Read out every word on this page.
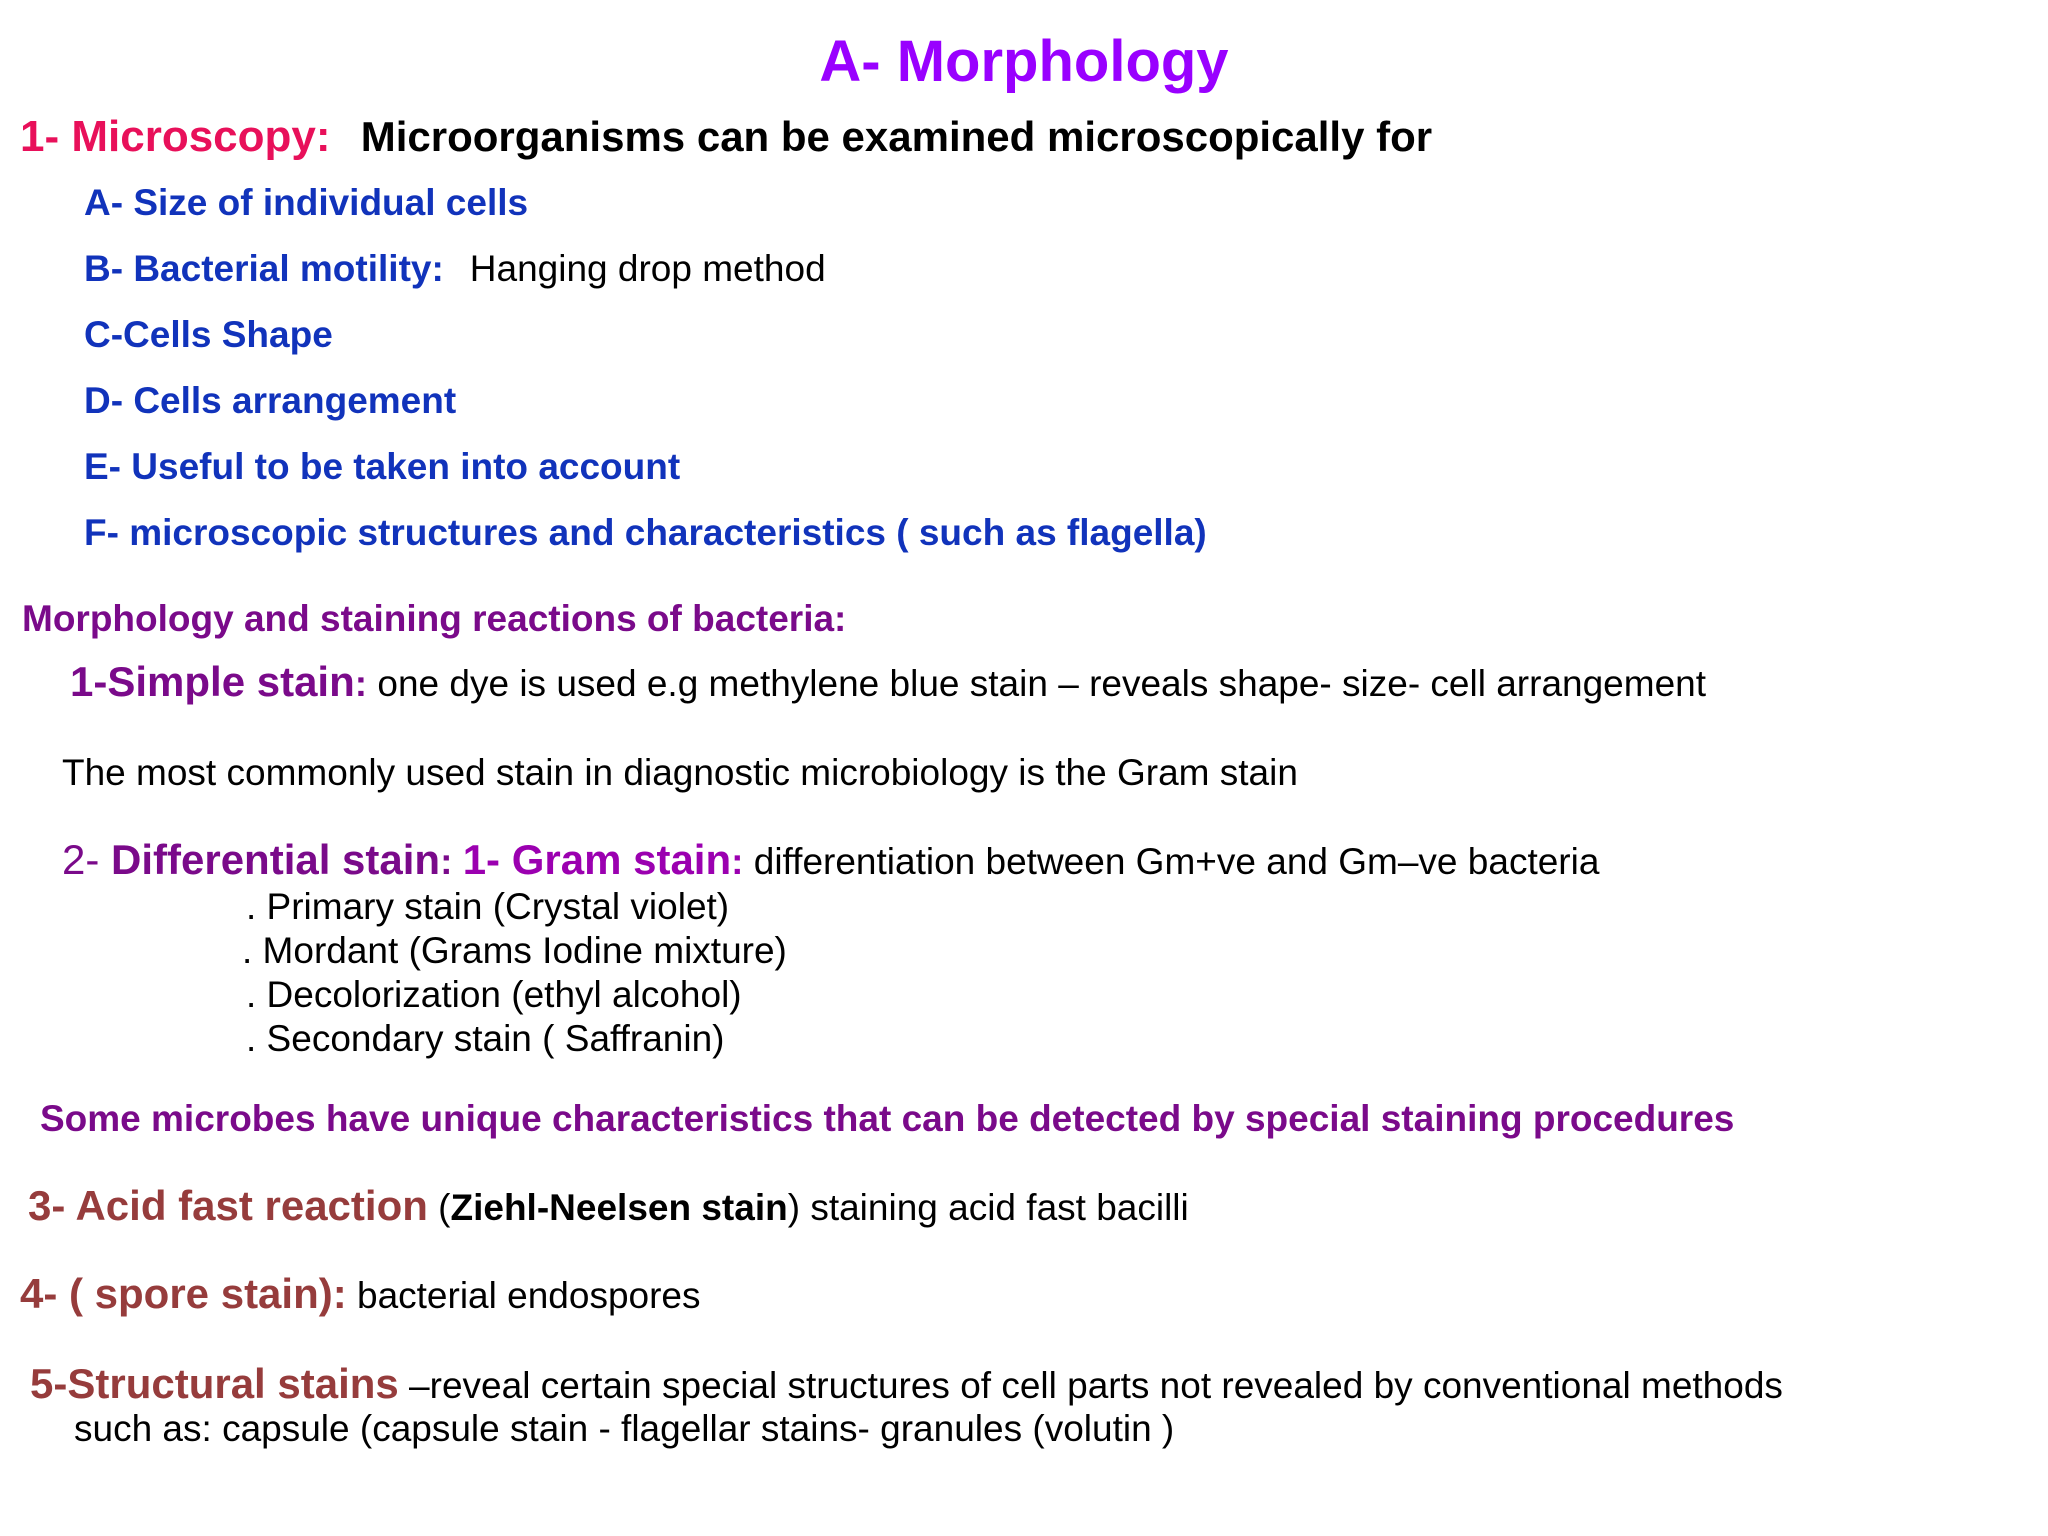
A- Morphology
1- Microscopy: Microorganisms can be examined microscopically for
A- Size of individual cells
B- Bacterial motility: Hanging drop method
C-Cells Shape
D- Cells arrangement
E- Useful to be taken into account
F- microscopic structures and characteristics ( such as flagella)
Morphology and staining reactions of bacteria:
1-Simple stain: one dye is used e.g methylene blue stain – reveals shape- size- cell arrangement
The most commonly used stain in diagnostic microbiology is the Gram stain
2- Differential stain: 1- Gram stain: differentiation between Gm+ve and Gm–ve bacteria
. Primary stain (Crystal violet)
. Mordant (Grams Iodine mixture)
. Decolorization (ethyl alcohol)
. Secondary stain ( Saffranin)
Some microbes have unique characteristics that can be detected by special staining procedures
3- Acid fast reaction (Ziehl-Neelsen stain) staining acid fast bacilli
4- ( spore stain): bacterial endospores
5-Structural stains –reveal certain special structures of cell parts not revealed by conventional methods
such as: capsule (capsule stain - flagellar stains- granules (volutin )
